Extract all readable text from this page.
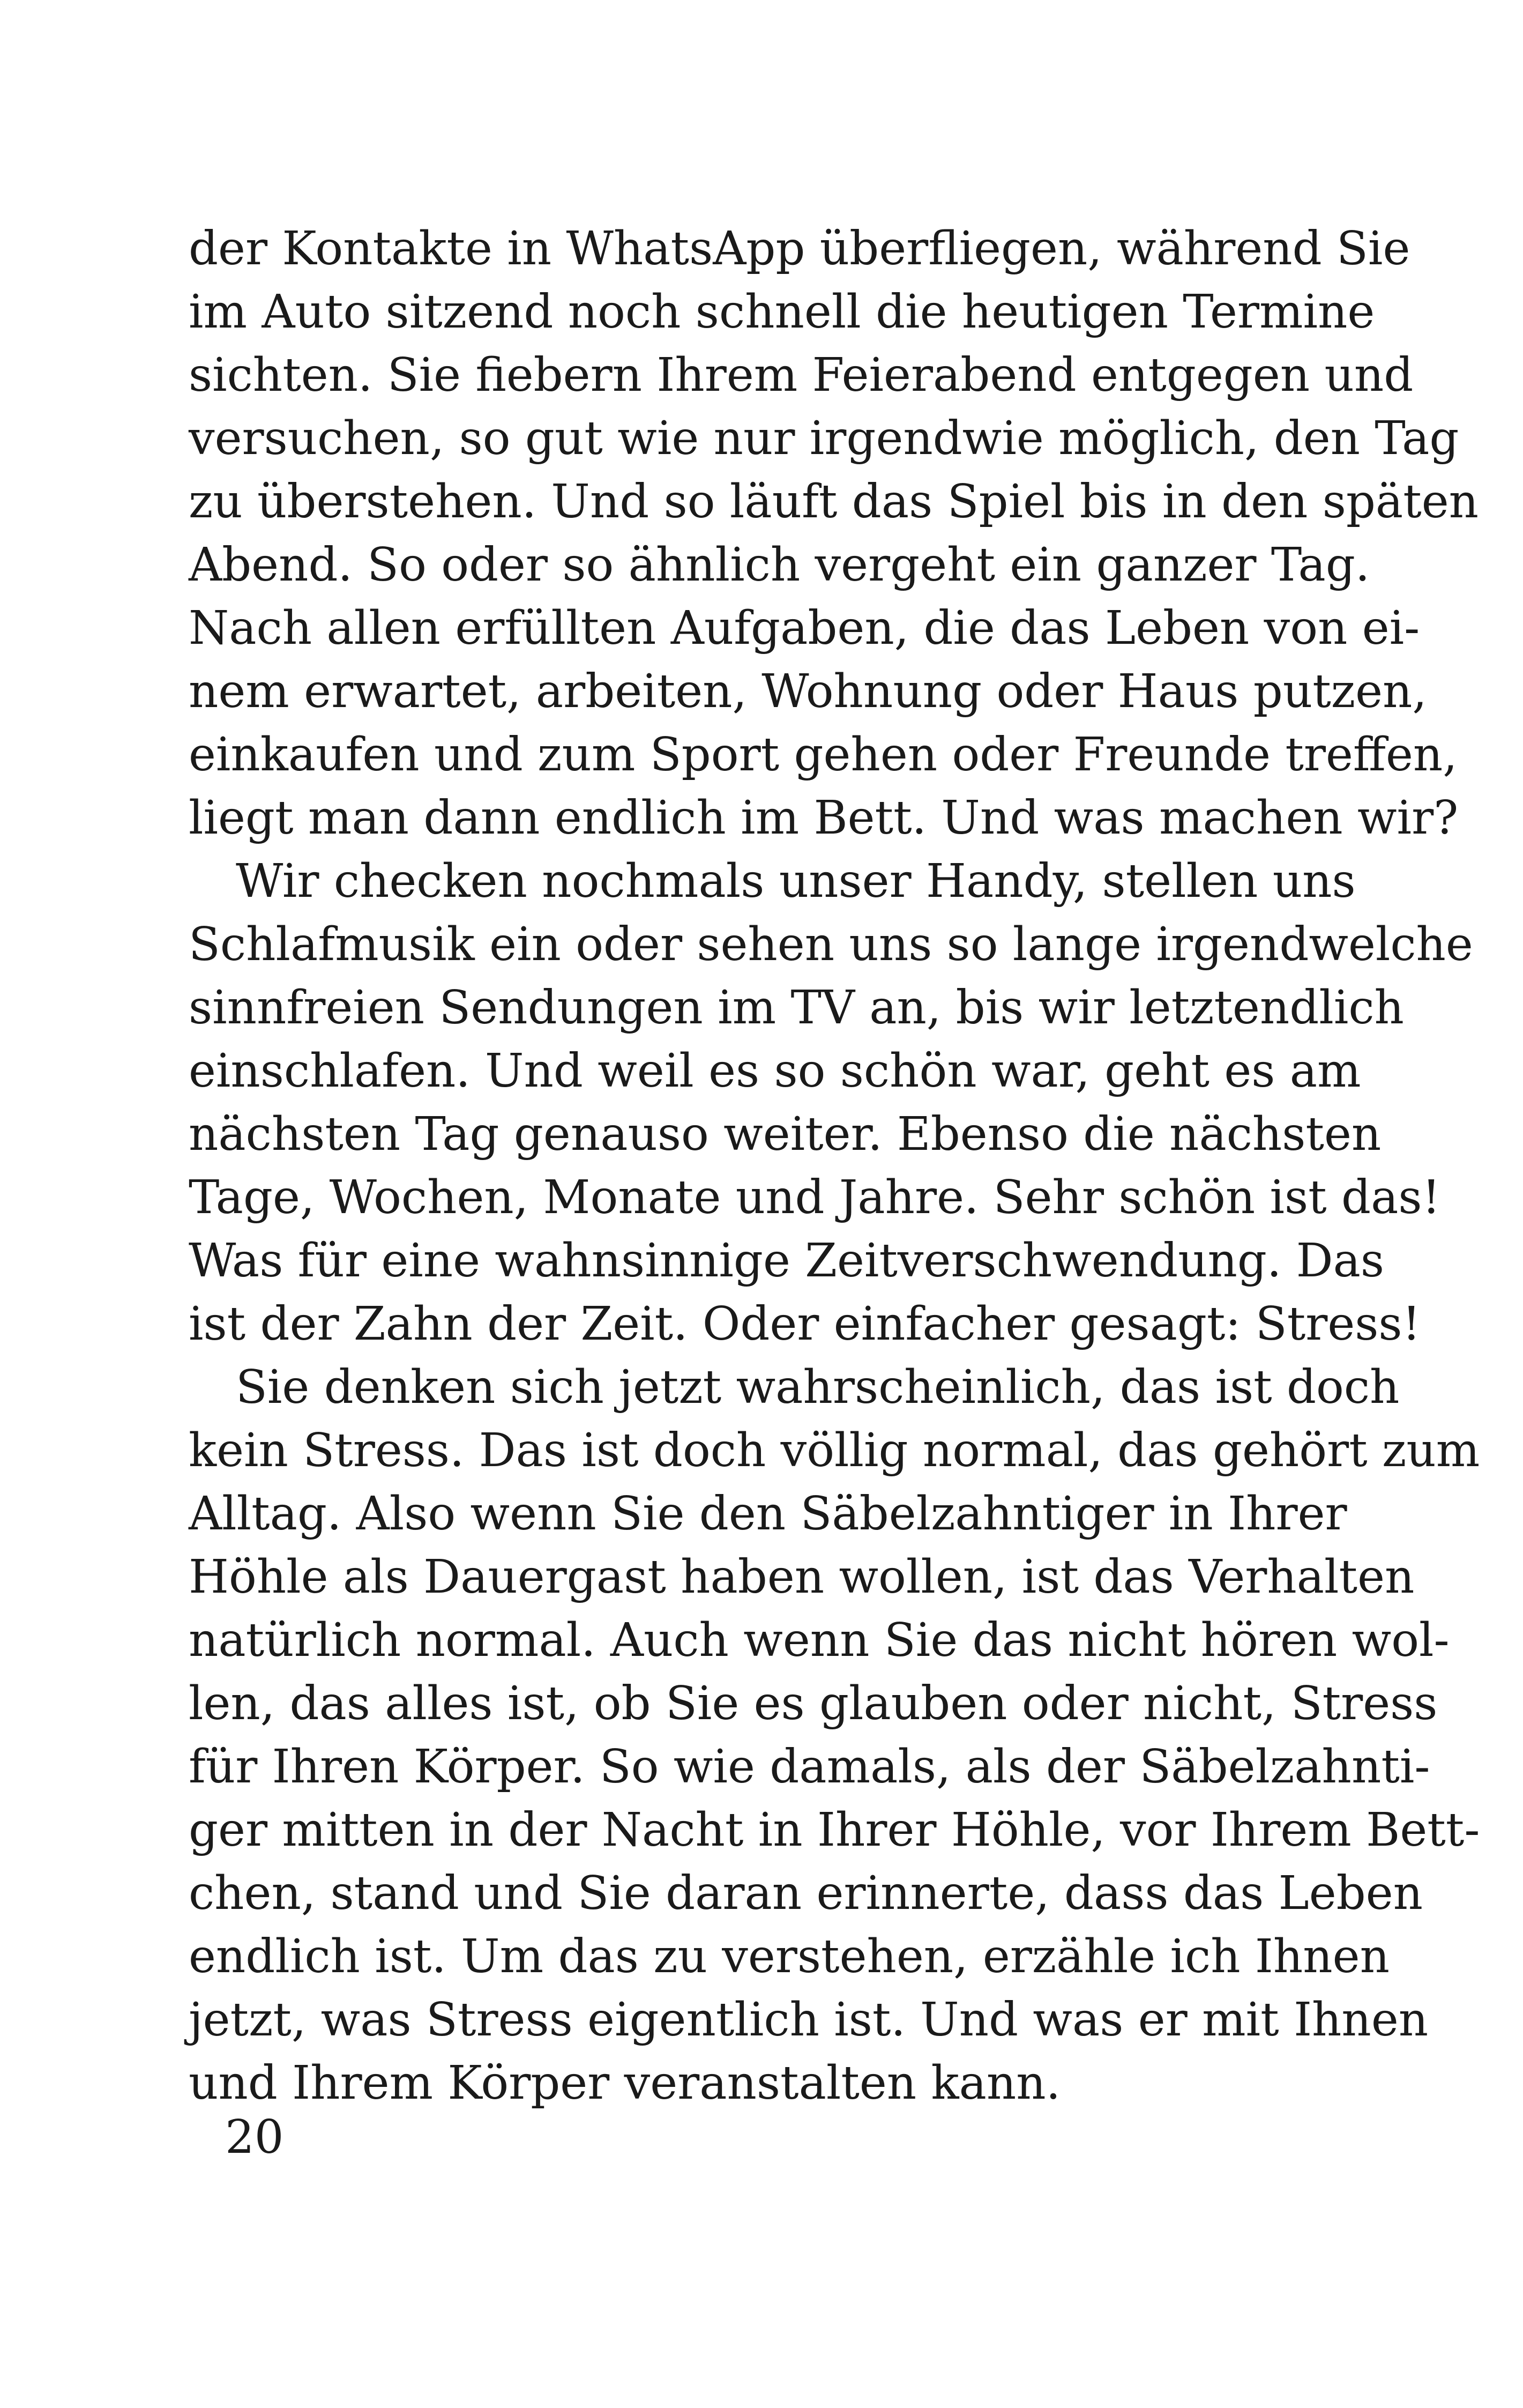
der Kontakte in WhatsApp überfliegen, während Sie
im Auto sitzend noch schnell die heutigen Termine
sichten. Sie fiebern Ihrem Feierabend entgegen und
versuchen, so gut wie nur irgendwie möglich, den Tag
zu überstehen. Und so läuft das Spiel bis in den späten
Abend. So oder so ähnlich vergeht ein ganzer Tag.
Nach allen erfüllten Aufgaben, die das Leben von ei-
nem erwartet, arbeiten, Wohnung oder Haus putzen,
einkaufen und zum Sport gehen oder Freunde treffen,
liegt man dann endlich im Bett. Und was machen wir?
Wir checken nochmals unser Handy, stellen uns
Schlafmusik ein oder sehen uns so lange irgendwelche
sinnfreien Sendungen im TV an, bis wir letztendlich
einschlafen. Und weil es so schön war, geht es am
nächsten Tag genauso weiter. Ebenso die nächsten
Tage, Wochen, Monate und Jahre. Sehr schön ist das!
Was für eine wahnsinnige Zeitverschwendung. Das
ist der Zahn der Zeit. Oder einfacher gesagt: Stress!
Sie denken sich jetzt wahrscheinlich, das ist doch
kein Stress. Das ist doch völlig normal, das gehört zum
Alltag. Also wenn Sie den Säbelzahntiger in Ihrer
Höhle als Dauergast haben wollen, ist das Verhalten
natürlich normal. Auch wenn Sie das nicht hören wol-
len, das alles ist, ob Sie es glauben oder nicht, Stress
für Ihren Körper. So wie damals, als der Säbelzahnti-
ger mitten in der Nacht in Ihrer Höhle, vor Ihrem Bett-
chen, stand und Sie daran erinnerte, dass das Leben
endlich ist. Um das zu verstehen, erzähle ich Ihnen
jetzt, was Stress eigentlich ist. Und was er mit Ihnen
und Ihrem Körper veranstalten kann.
20
